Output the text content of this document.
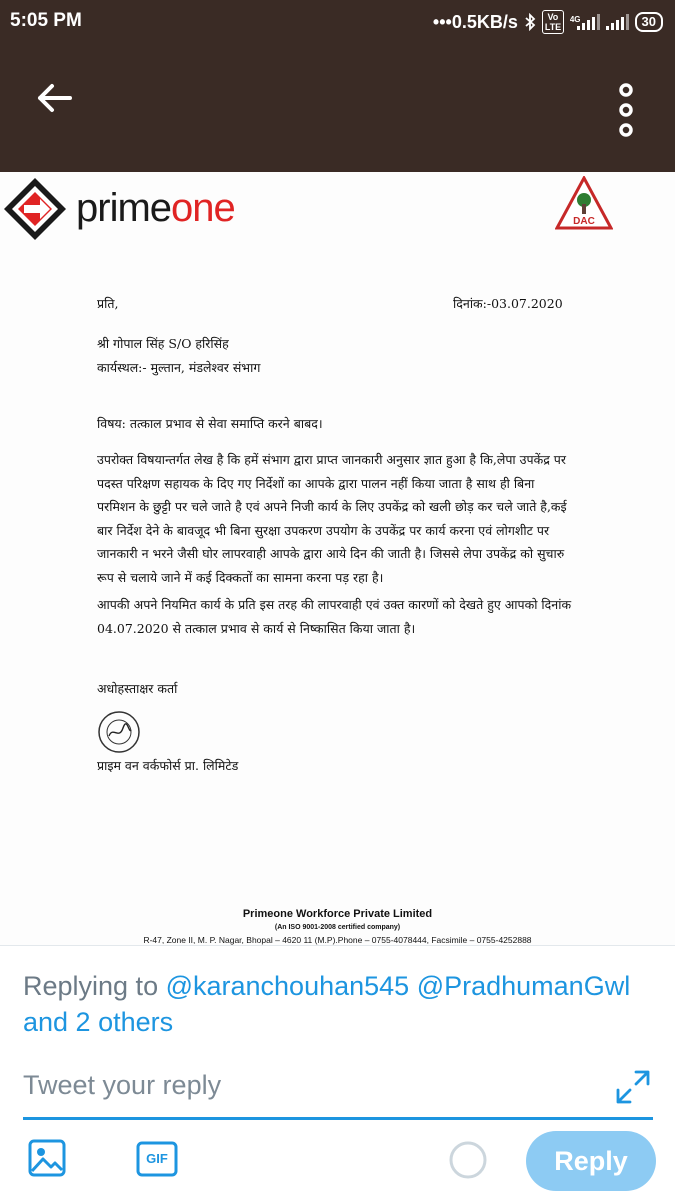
5:05 PM	•••0.5KB/s	Vo LTE
4G	30
primeone	DAC
प्रति,	दिनांक:-03.07.2020
श्री गोपाल सिंह S/O हरिसिंह
कार्यस्थल:- मुल्तान, मंडलेश्वर संभाग
विषय: तत्काल प्रभाव से सेवा समाप्ति करने बाबद।
उपरोक्त विषयान्तर्गत लेख है कि हमें संभाग द्वारा प्राप्त जानकारी अनुसार ज्ञात हुआ है कि,लेपा उपकेंद्र पर पदस्त परिक्षण सहायक के दिए गए निर्देशों का आपके द्वारा पालन नहीं किया जाता है साथ ही बिना परमिशन के छुट्टी पर चले जाते है एवं अपने निजी कार्य के लिए उपकेंद्र को खली छोड़ कर चले जाते है,कई बार निर्देश देने के बावजूद भी बिना सुरक्षा उपकरण उपयोग के उपकेंद्र पर कार्य करना एवं लोगशीट पर जानकारी न भरने जैसी घोर लापरवाही आपके द्वारा आये दिन की जाती है। जिससे लेपा उपकेंद्र को सुचारु रूप से चलाये जाने में कई दिक्कतों का सामना करना पड़ रहा है।
आपकी अपने नियमित कार्य के प्रति इस तरह की लापरवाही एवं उक्त कारणों को देखते हुए आपको दिनांक 04.07.2020 से तत्काल प्रभाव से कार्य से निष्कासित किया जाता है।
अधोहस्ताक्षर कर्ता
प्राइम वन वर्कफोर्स प्रा. लिमिटेड
Primeone Workforce Private Limited
(An ISO 9001-2008 certified company)
R-47, Zone II, M. P. Nagar, Bhopal – 4620 11 (M.P).Phone – 0755-4078444, Facsimile – 0755-4252888
Replying to @karanchouhan545 @PradhumanGwl and 2 others
Tweet your reply
GIF	Reply
